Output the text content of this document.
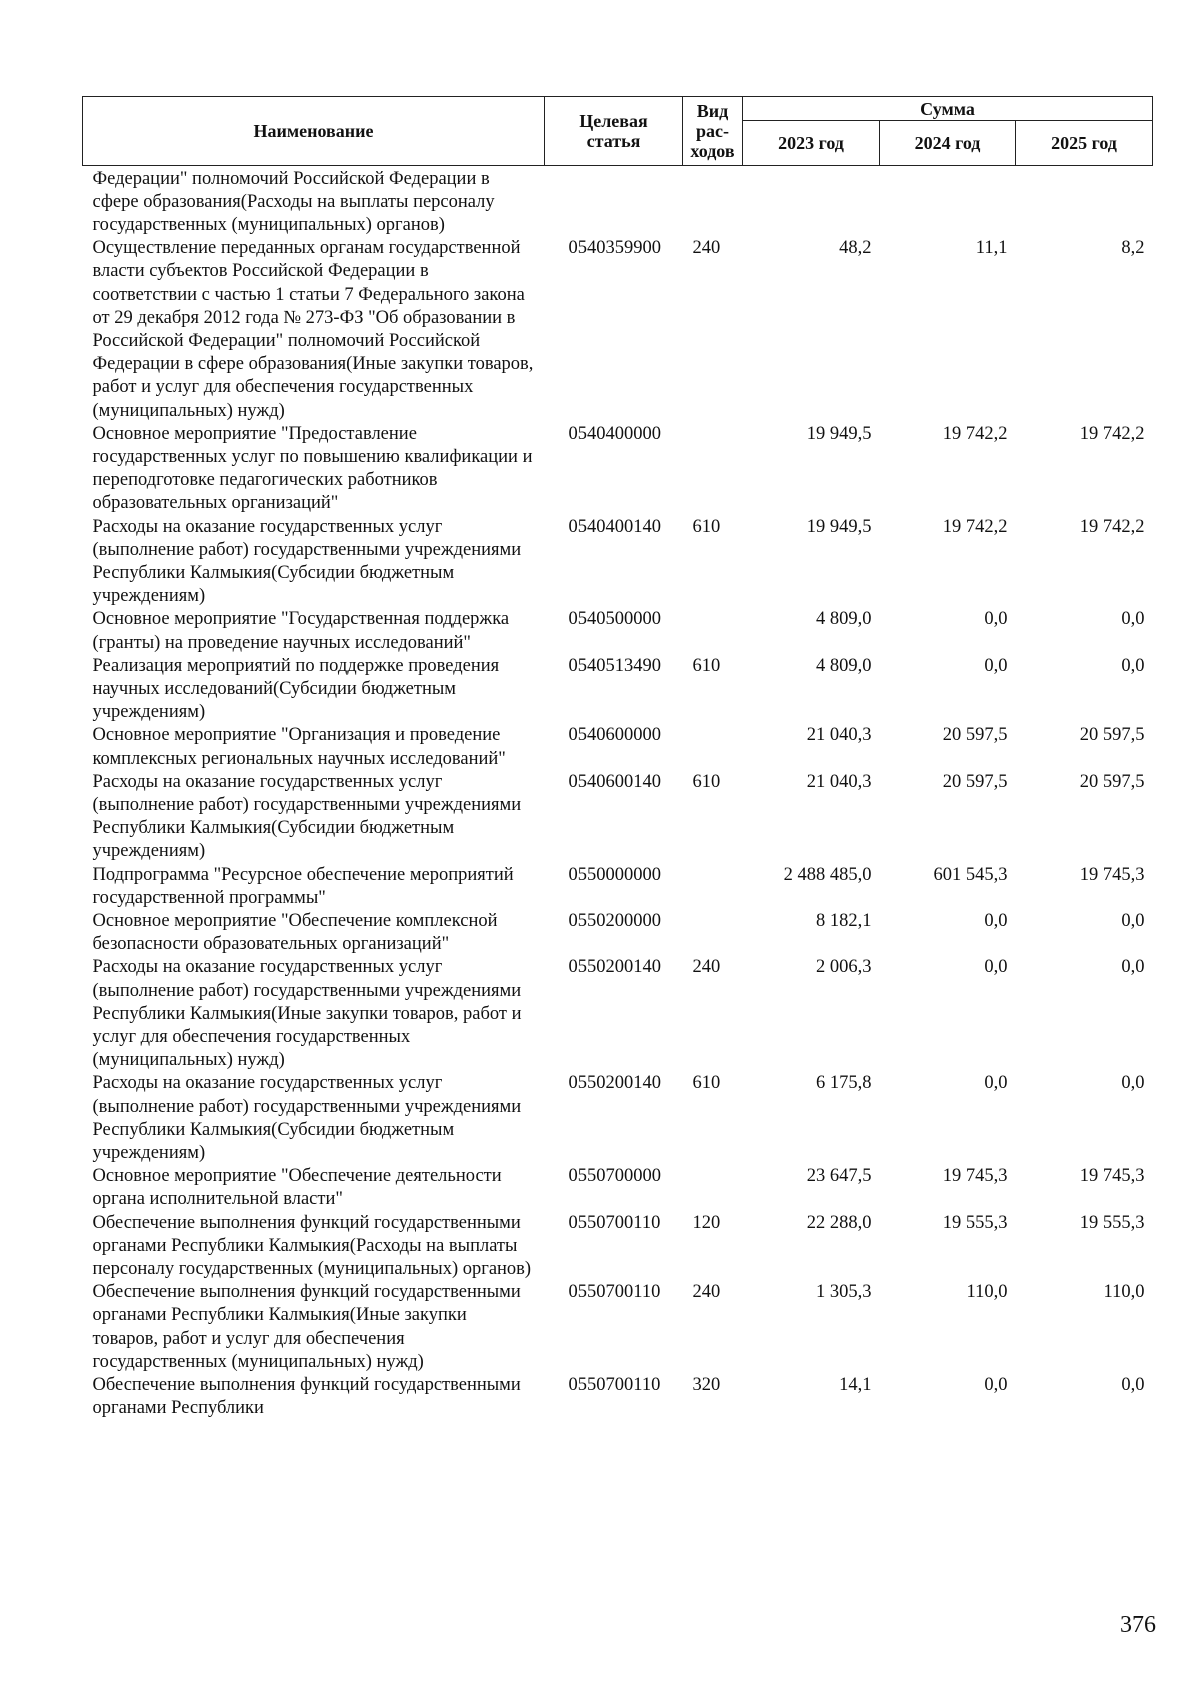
Наименование	Целевая статья	Вид рас-ходов	Сумма		
			2023 год	2024 год	2025 год

Федерации" полномочий Российской Федерации в сфере образования(Расходы на выплаты персоналу государственных (муниципальных) органов)					
Осуществление переданных органам государственной власти субъектов Российской Федерации в соответствии с частью 1 статьи 7 Федерального закона от 29 декабря 2012 года № 273-ФЗ "Об образовании в Российской Федерации" полномочий Российской Федерации в сфере образования(Иные закупки товаров, работ и услуг для обеспечения государственных (муниципальных) нужд)	0540359900	240	48,2	11,1	8,2
Основное мероприятие "Предоставление государственных услуг по повышению квалификации и переподготовке педагогических работников образовательных организаций"	0540400000		19 949,5	19 742,2	19 742,2
Расходы на оказание государственных услуг (выполнение работ) государственными учреждениями Республики Калмыкия(Субсидии бюджетным учреждениям)	0540400140	610	19 949,5	19 742,2	19 742,2
Основное мероприятие "Государственная поддержка (гранты) на проведение научных исследований"	0540500000		4 809,0	0,0	0,0
Реализация мероприятий по поддержке проведения научных исследований(Субсидии бюджетным учреждениям)	0540513490	610	4 809,0	0,0	0,0
Основное мероприятие "Организация и проведение комплексных региональных научных исследований"	0540600000		21 040,3	20 597,5	20 597,5
Расходы на оказание государственных услуг (выполнение работ) государственными учреждениями Республики Калмыкия(Субсидии бюджетным учреждениям)	0540600140	610	21 040,3	20 597,5	20 597,5
Подпрограмма "Ресурсное обеспечение мероприятий государственной программы"	0550000000		2 488 485,0	601 545,3	19 745,3
Основное мероприятие "Обеспечение комплексной безопасности образовательных организаций"	0550200000		8 182,1	0,0	0,0
Расходы на оказание государственных услуг (выполнение работ) государственными учреждениями Республики Калмыкия(Иные закупки товаров, работ и услуг для обеспечения государственных (муниципальных) нужд)	0550200140	240	2 006,3	0,0	0,0
Расходы на оказание государственных услуг (выполнение работ) государственными учреждениями Республики Калмыкия(Субсидии бюджетным учреждениям)	0550200140	610	6 175,8	0,0	0,0
Основное мероприятие "Обеспечение деятельности органа исполнительной власти"	0550700000		23 647,5	19 745,3	19 745,3
Обеспечение выполнения функций государственными органами Республики Калмыкия(Расходы на выплаты персоналу государственных (муниципальных) органов)	0550700110	120	22 288,0	19 555,3	19 555,3
Обеспечение выполнения функций государственными органами Республики Калмыкия(Иные закупки товаров, работ и услуг для обеспечения государственных (муниципальных) нужд)	0550700110	240	1 305,3	110,0	110,0
Обеспечение выполнения функций государственными органами Республики	0550700110	320	14,1	0,0	0,0
376
